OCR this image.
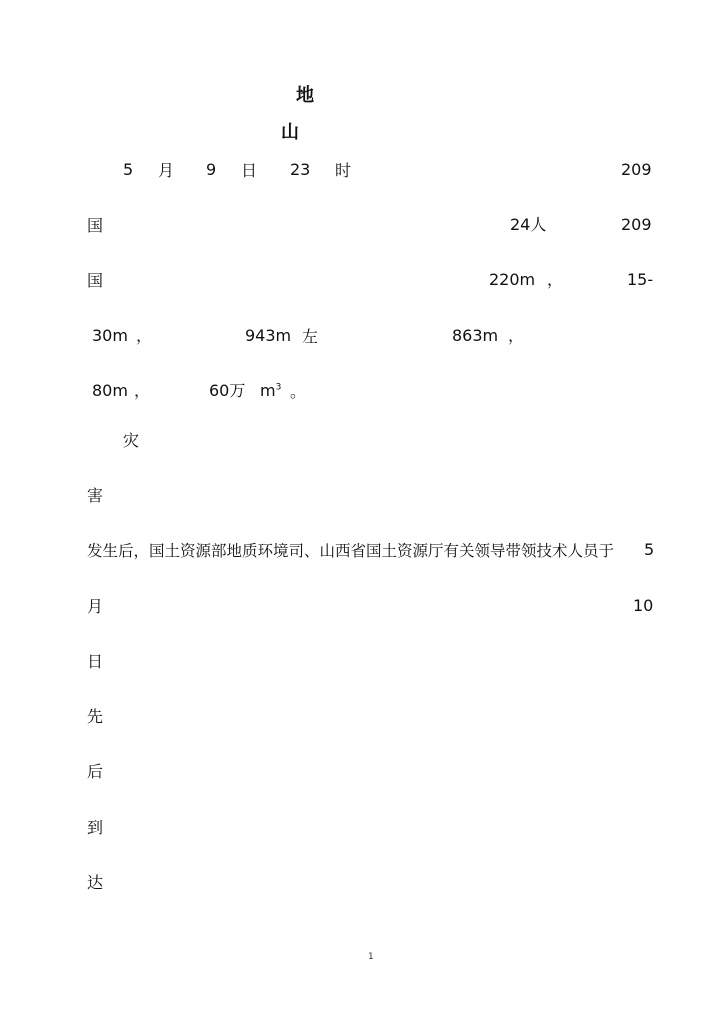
地
山
5 月 9 日 23 时	209
国	24人	209
国	220m ，	15-
30m ，	943m 左	863m ，
80m ，	60万 $m^3$ 。
灾
害
发生后，国土资源部地质环境司、山西省国土资源厅有关领导带领技术人员于 5
月	10
日
先
后
到
达
1
